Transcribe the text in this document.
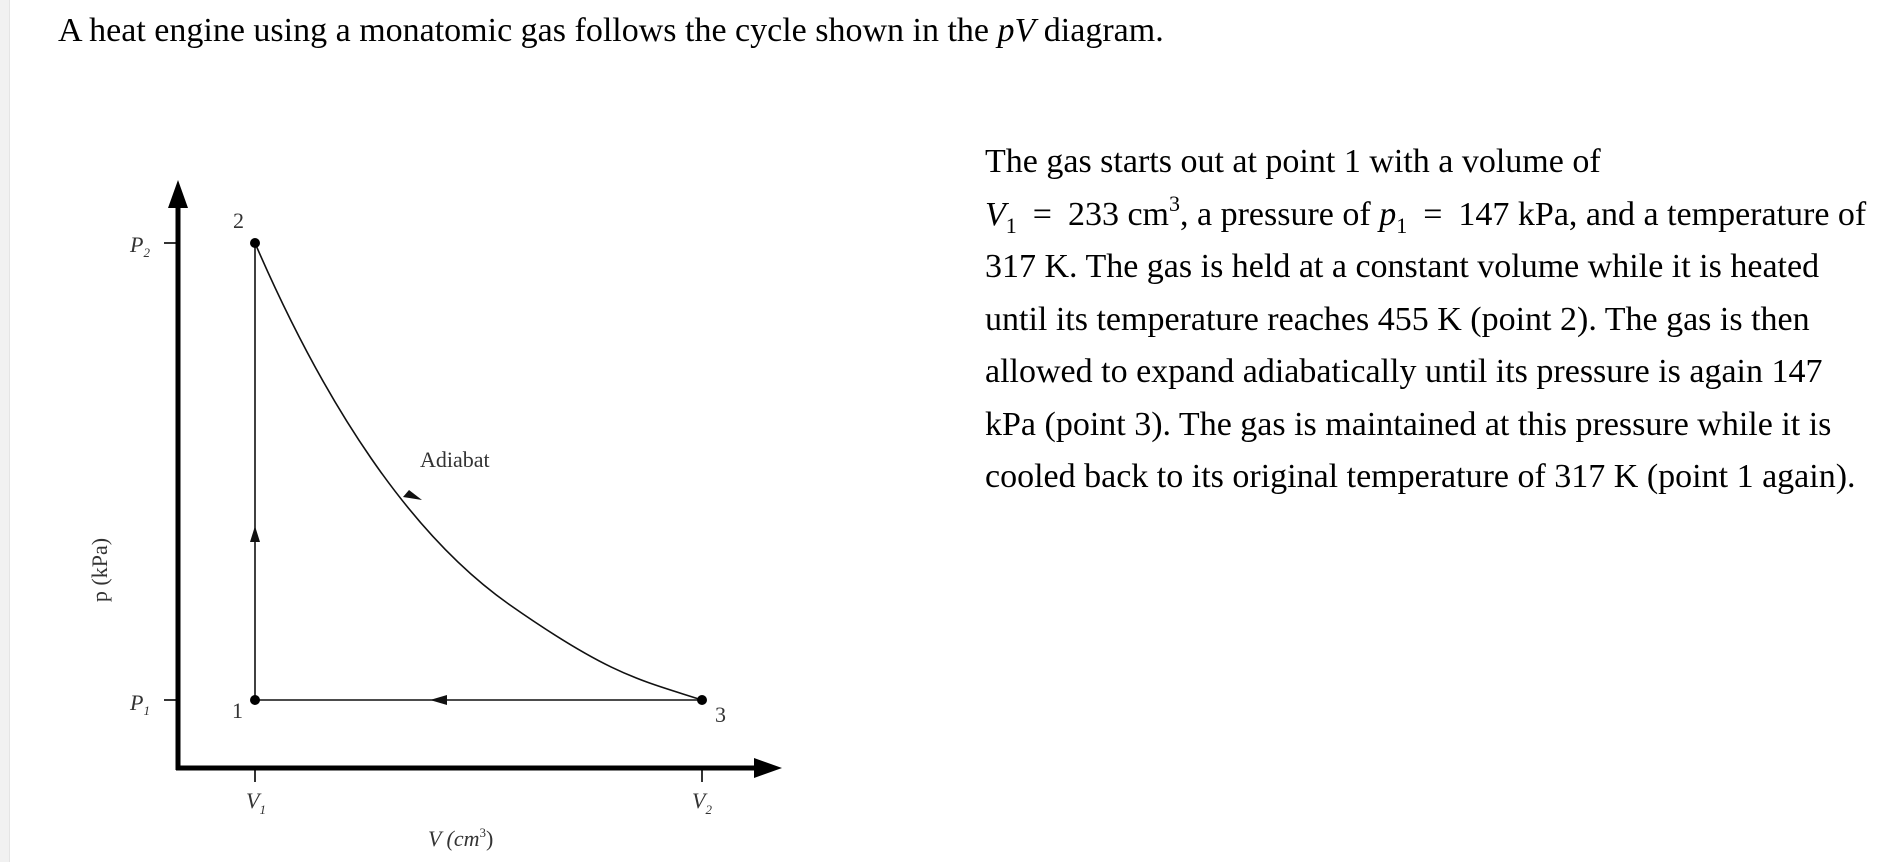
A heat engine using a monatomic gas follows the cycle shown in the pV diagram.
The gas starts out at point 1 with a volume of
$V_1 = 233$ $cm^3$, a pressure of $p_1 = 147$ kPa, and a temperature of 317 K. The gas is held at a constant volume while it is heated until its temperature reaches 455 K (point 2). The gas is then allowed to expand adiabatically until its pressure is again 147 kPa (point 3). The gas is maintained at this pressure while it is cooled back to its original temperature of 317 K (point 1 again).
2
1	3
Adiabat
$P_2$
$P_1$
$V_1$	$V_2$
p (kPa)
V $(cm^3)$
